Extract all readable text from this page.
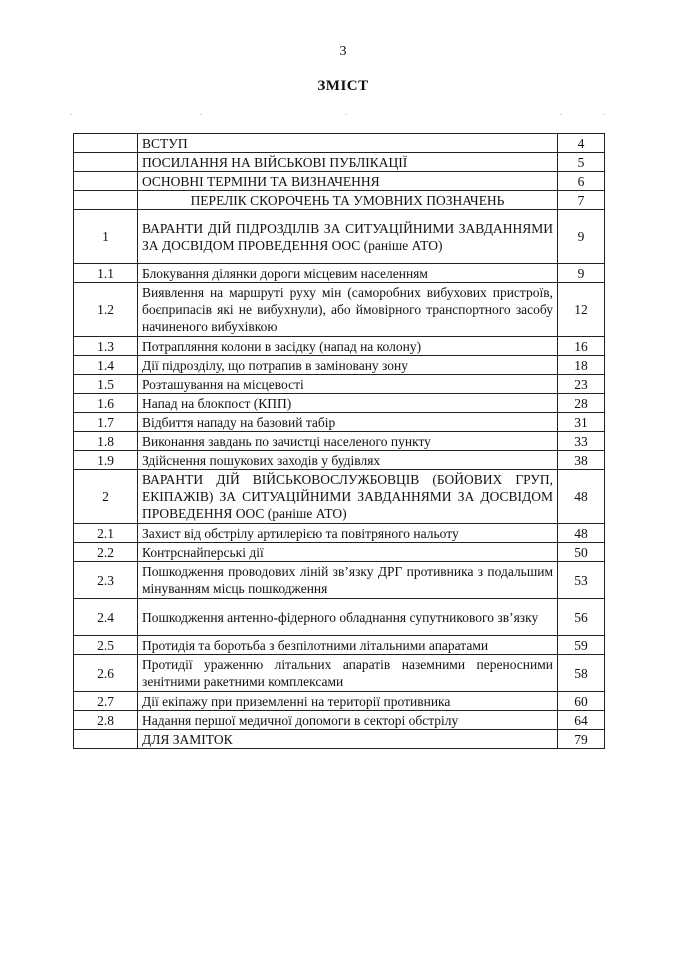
3
ЗМІСТ
.	.	.	.	.
	ВСТУП	4
	ПОСИЛАННЯ НА ВІЙСЬКОВІ ПУБЛІКАЦІЇ	5
	ОСНОВНІ ТЕРМІНИ ТА ВИЗНАЧЕННЯ	6
	ПЕРЕЛІК СКОРОЧЕНЬ ТА УМОВНИХ ПОЗНАЧЕНЬ	7
1	ВАРАНТИ ДІЙ ПІДРОЗДІЛІВ ЗА СИТУАЦІЙНИМИ ЗАВДАННЯМИ ЗА ДОСВІДОМ ПРОВЕДЕННЯ ООС (раніше АТО)	9
1.1	Блокування ділянки дороги місцевим населенням	9
1.2	Виявлення на маршруті руху мін (саморобних вибухових пристроїв, боєприпасів які не вибухнули), або ймовірного транспортного засобу начиненого вибухівкою	12
1.3	Потрапляння колони в засідку (напад на колону)	16
1.4	Дії підрозділу, що потрапив в заміновану зону	18
1.5	Розташування на місцевості	23
1.6	Напад на блокпост (КПП)	28
1.7	Відбиття нападу на базовий табір	31
1.8	Виконання завдань по зачистці населеного пункту	33
1.9	Здійснення пошукових заходів у будівлях	38
2	ВАРАНТИ ДІЙ ВІЙСЬКОВОСЛУЖБОВЦІВ (БОЙОВИХ ГРУП, ЕКІПАЖІВ) ЗА СИТУАЦІЙНИМИ ЗАВДАННЯМИ ЗА ДОСВІДОМ ПРОВЕДЕННЯ ООС (раніше АТО)	48
2.1	Захист від обстрілу артилерією та повітряного нальоту	48
2.2	Контрснайперські дії	50
2.3	Пошкодження проводових ліній зв’язку ДРГ противника з подальшим мінуванням місць пошкодження	53
2.4	Пошкодження антенно-фідерного обладнання супутникового зв’язку	56
2.5	Протидія та боротьба з безпілотними літальними апаратами	59
2.6	Протидії ураженню літальних апаратів наземними переносними зенітними ракетними комплексами	58
2.7	Дії екіпажу при приземленні на території противника	60
2.8	Надання першої медичної допомоги в секторі обстрілу	64
	ДЛЯ ЗАМІТОК	79
